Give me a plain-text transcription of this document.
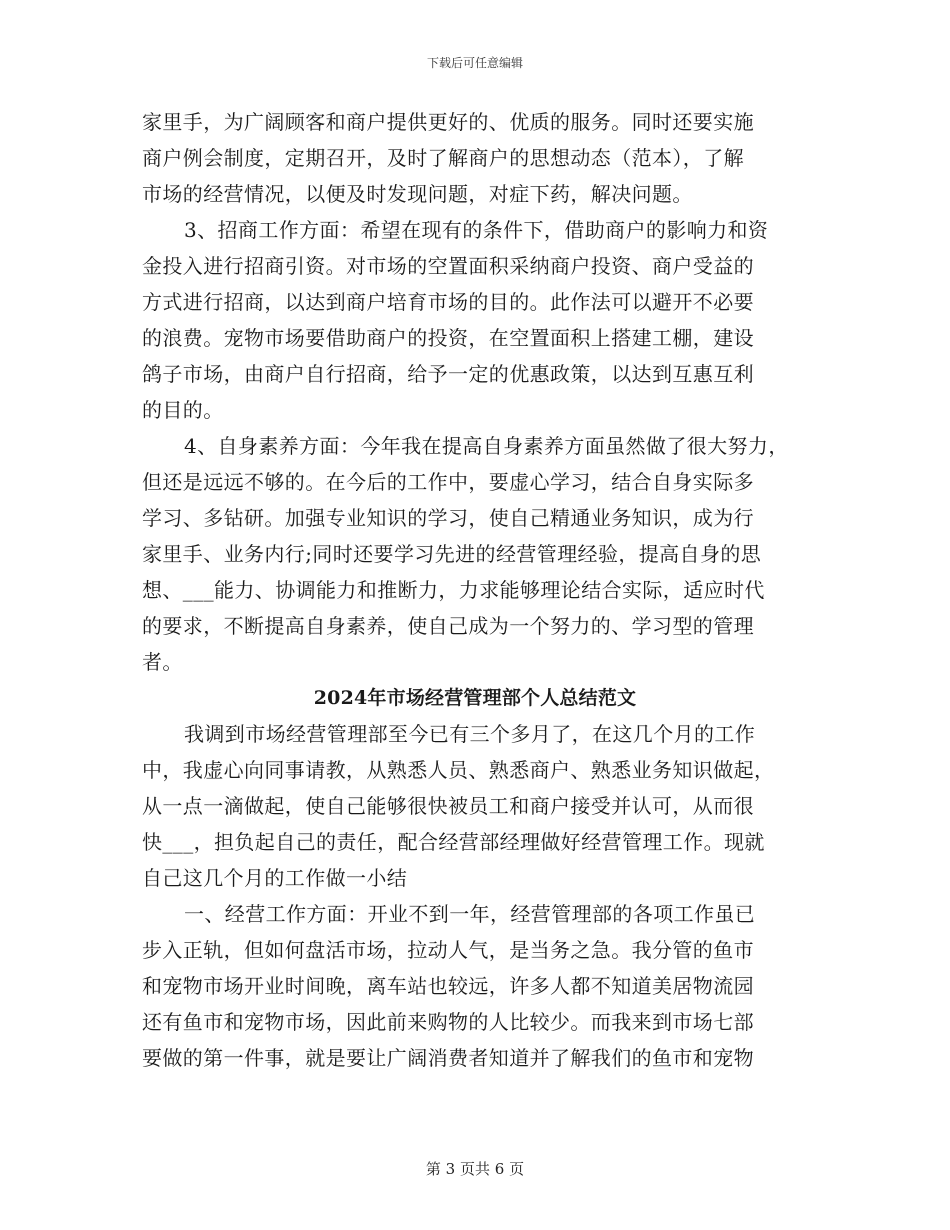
下载后可任意编辑
家里手，为广阔顾客和商户提供更好的、优质的服务。同时还要实施
商户例会制度，定期召开，及时了解商户的思想动态（范本），了解
市场的经营情况，以便及时发现问题，对症下药，解决问题。
3、招商工作方面：希望在现有的条件下，借助商户的影响力和资
金投入进行招商引资。对市场的空置面积采纳商户投资、商户受益的
方式进行招商，以达到商户培育市场的目的。此作法可以避开不必要
的浪费。宠物市场要借助商户的投资，在空置面积上搭建工棚，建设
鸽子市场，由商户自行招商，给予一定的优惠政策，以达到互惠互利
的目的。
4、自身素养方面：今年我在提高自身素养方面虽然做了很大努力，
但还是远远不够的。在今后的工作中，要虚心学习，结合自身实际多
学习、多钻研。加强专业知识的学习，使自己精通业务知识，成为行
家里手、业务内行;同时还要学习先进的经营管理经验，提高自身的思
想、___能力、协调能力和推断力，力求能够理论结合实际，适应时代
的要求，不断提高自身素养，使自己成为一个努力的、学习型的管理
者。
2024年市场经营管理部个人总结范文
我调到市场经营管理部至今已有三个多月了，在这几个月的工作
中，我虚心向同事请教，从熟悉人员、熟悉商户、熟悉业务知识做起，
从一点一滴做起，使自己能够很快被员工和商户接受并认可，从而很
快___，担负起自己的责任，配合经营部经理做好经营管理工作。现就
自己这几个月的工作做一小结
一、经营工作方面：开业不到一年，经营管理部的各项工作虽已
步入正轨，但如何盘活市场，拉动人气，是当务之急。我分管的鱼市
和宠物市场开业时间晚，离车站也较远，许多人都不知道美居物流园
还有鱼市和宠物市场，因此前来购物的人比较少。而我来到市场七部
要做的第一件事，就是要让广阔消费者知道并了解我们的鱼市和宠物
第 3 页共 6 页
